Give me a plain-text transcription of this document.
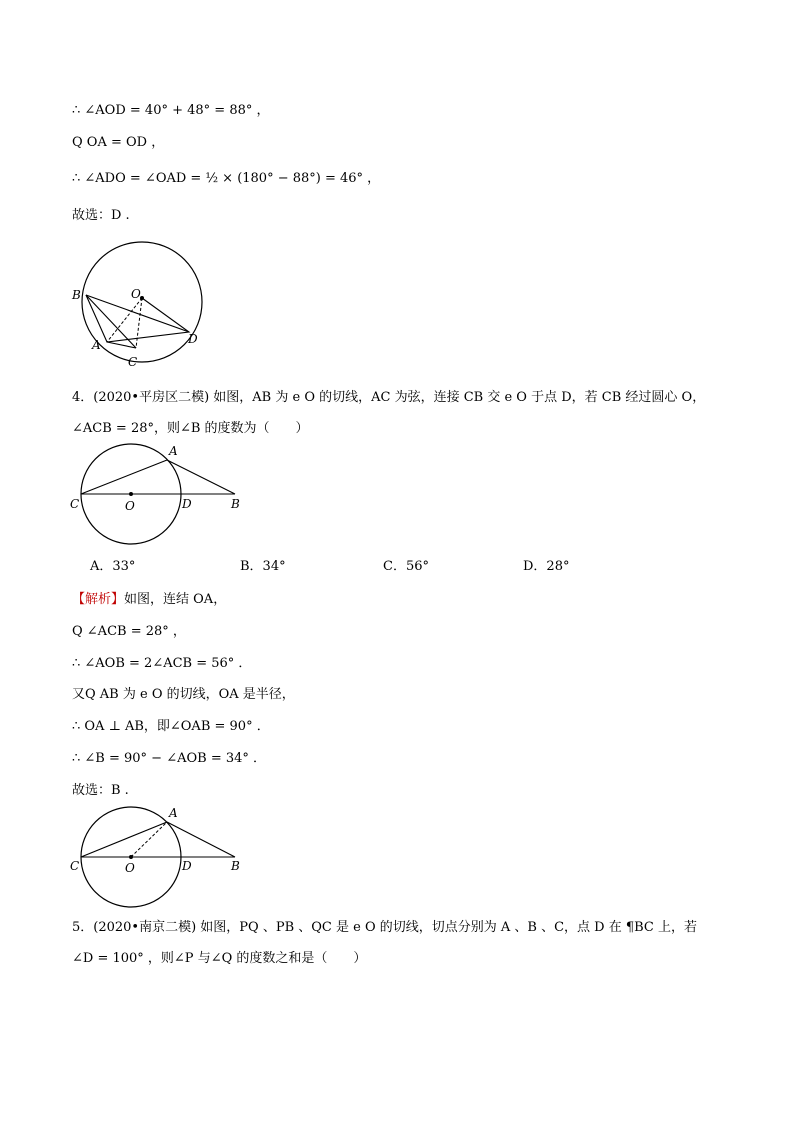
∴ ∠AOD = 40° + 48° = 88° ，
Q OA = OD ，
∴ ∠ADO = ∠OAD = ½ × (180° − 88°) = 46° ，
故选：D .
B	O
D
A
C
4．(2020•平房区二模) 如图，AB 为 e O 的切线，AC 为弦，连接 CB 交 e O 于点 D，若 CB 经过圆心 O，
∠ACB = 28°，则∠B 的度数为（　　）
A
C	O	D	B
A．33°	B．34°	C．56°	D．28°
【解析】如图，连结 OA，
Q ∠ACB = 28° ，
∴ ∠AOB = 2∠ACB = 56° ．
又Q AB 为 e O 的切线，OA 是半径，
∴ OA ⊥ AB，即∠OAB = 90° ．
∴ ∠B = 90° − ∠AOB = 34° ．
故选：B .
A
C	O	D	B
5．(2020•南京二模) 如图，PQ 、PB 、QC 是 e O 的切线，切点分别为 A 、B 、C，点 D 在 ¶BC 上，若
∠D = 100° ，则∠P 与∠Q 的度数之和是（　　）
